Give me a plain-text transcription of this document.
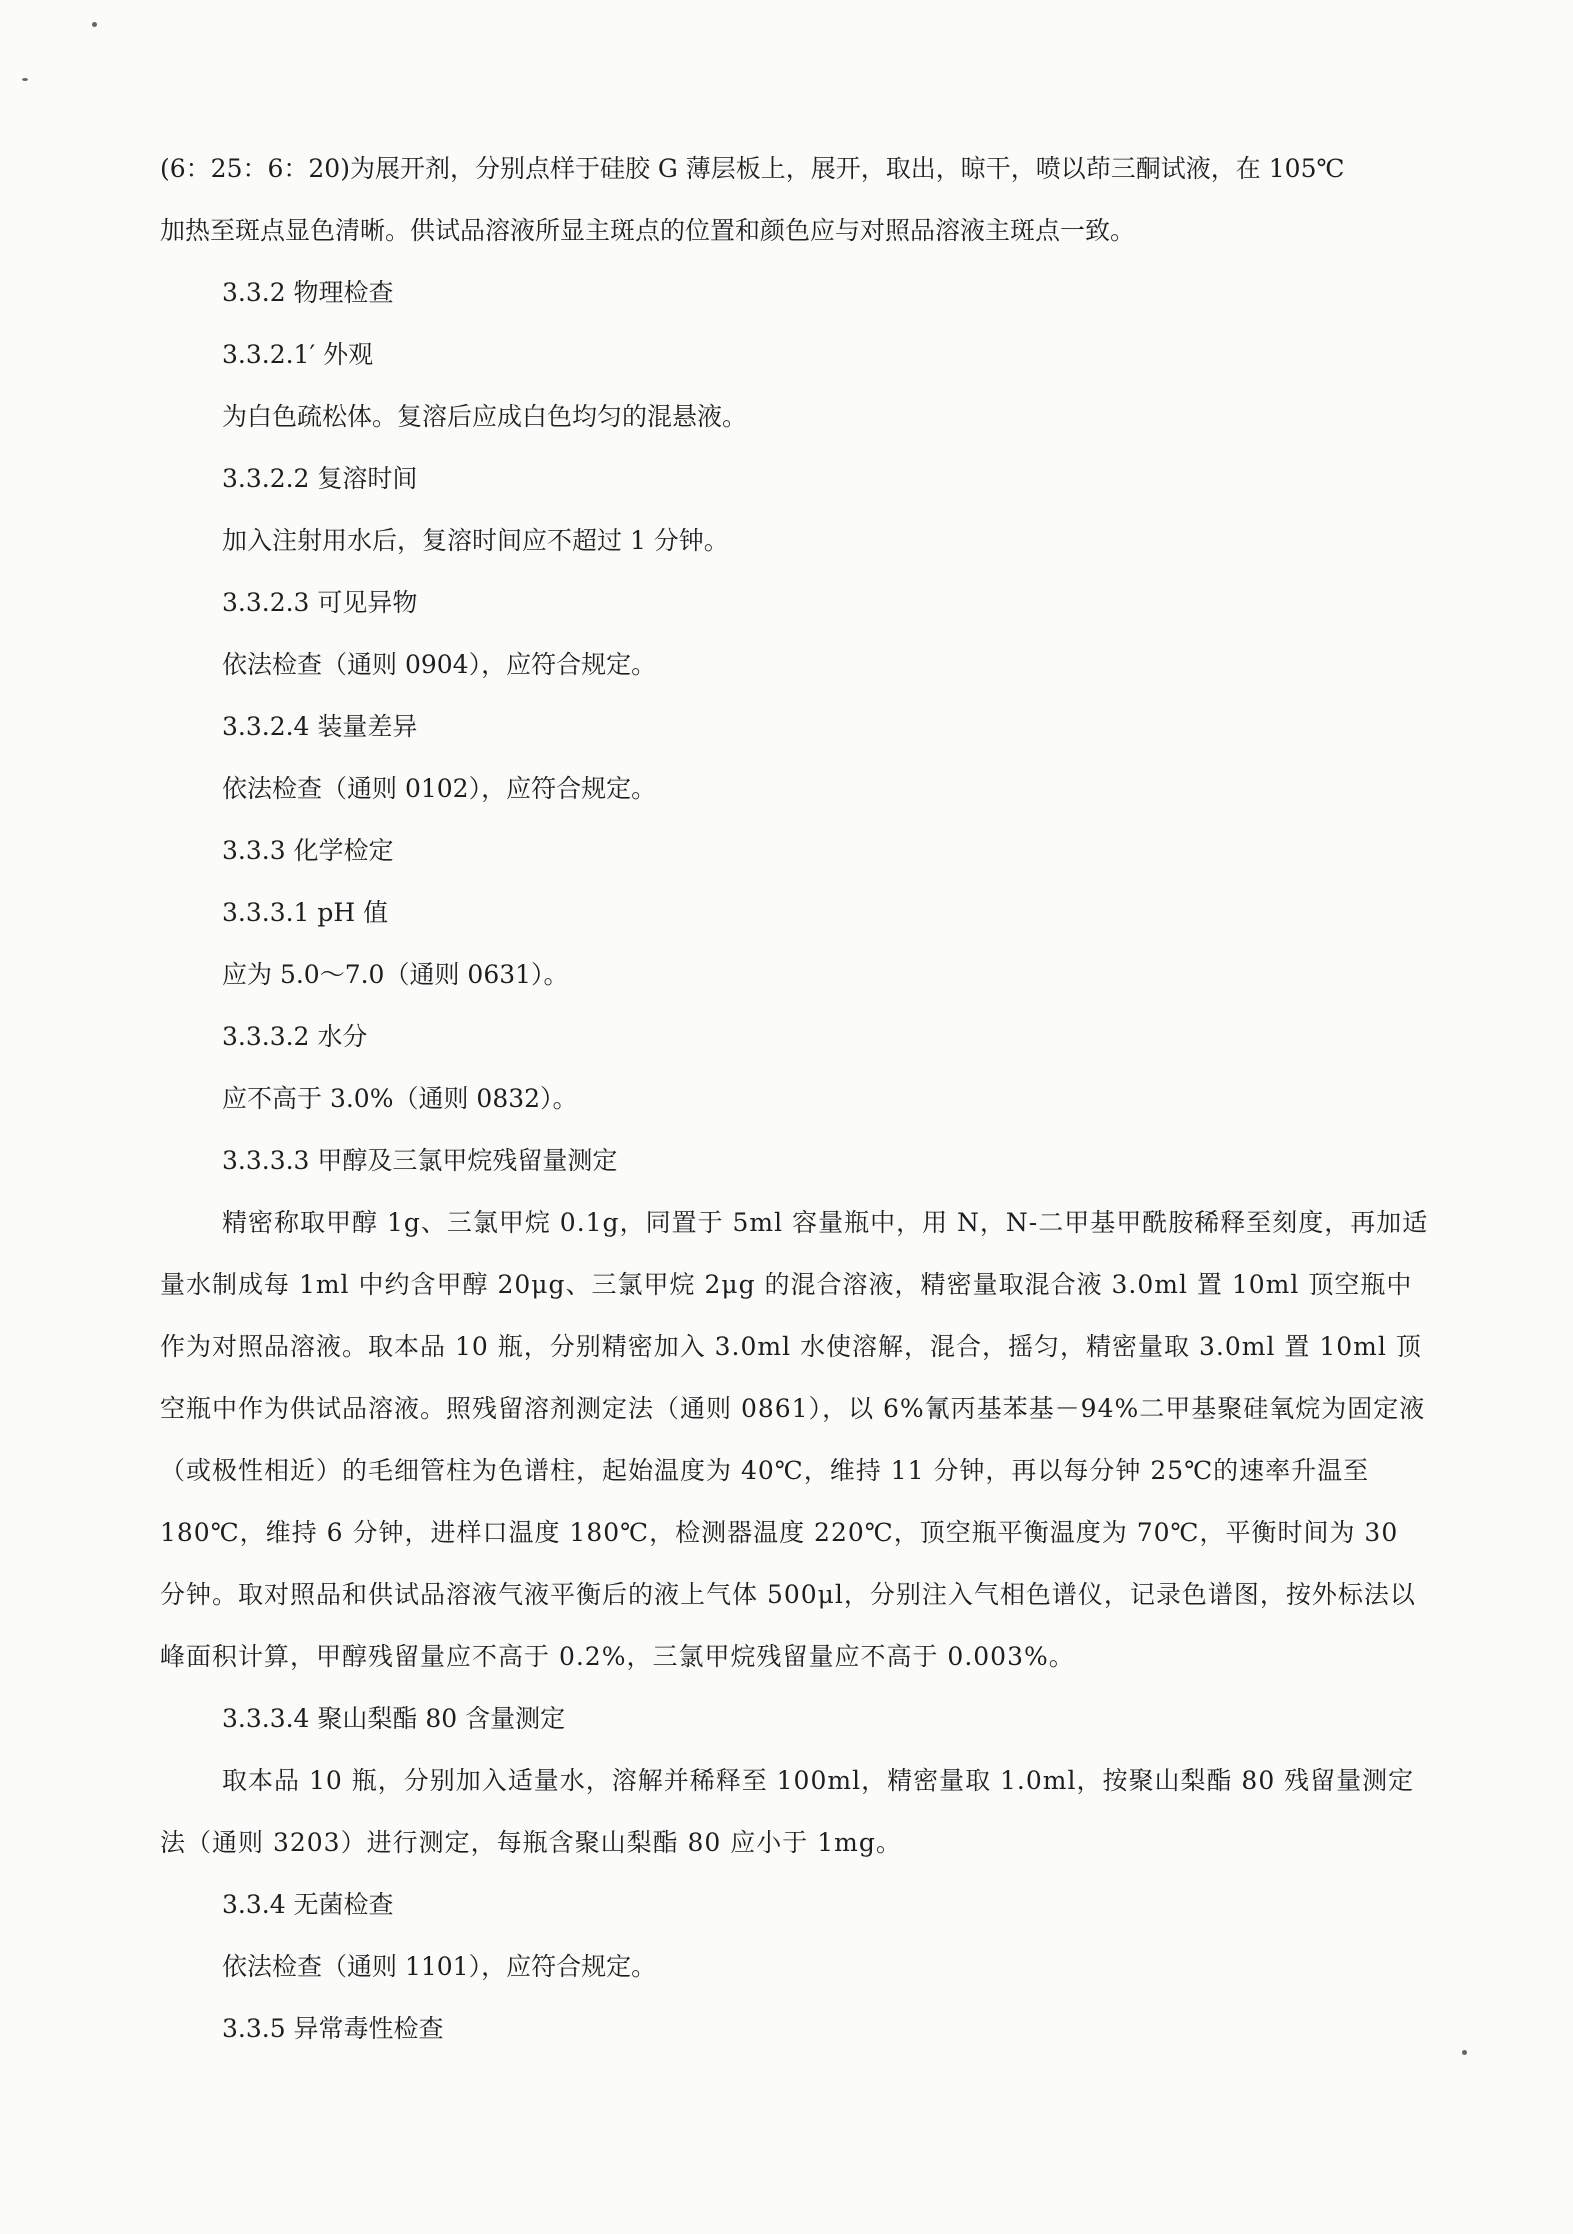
(6：25：6：20)为展开剂，分别点样于硅胶 G 薄层板上，展开，取出，晾干，喷以茚三酮试液，在 105℃

加热至斑点显色清晰。供试品溶液所显主斑点的位置和颜色应与对照品溶液主斑点一致。

3.3.2 物理检查

3.3.2.1′ 外观

为白色疏松体。复溶后应成白色均匀的混悬液。

3.3.2.2 复溶时间

加入注射用水后，复溶时间应不超过 1 分钟。

3.3.2.3 可见异物

依法检查（通则 0904），应符合规定。

3.3.2.4 装量差异

依法检查（通则 0102），应符合规定。

3.3.3 化学检定

3.3.3.1 pH 值

应为 5.0～7.0（通则 0631）。

3.3.3.2 水分

应不高于 3.0%（通则 0832）。

3.3.3.3 甲醇及三氯甲烷残留量测定

精密称取甲醇 1g、三氯甲烷 0.1g，同置于 5ml 容量瓶中，用 N，N-二甲基甲酰胺稀释至刻度，再加适量水制成每 1ml 中约含甲醇 20μg、三氯甲烷 2μg 的混合溶液，精密量取混合液 3.0ml 置 10ml 顶空瓶中作为对照品溶液。取本品 10 瓶，分别精密加入 3.0ml 水使溶解，混合，摇匀，精密量取 3.0ml 置 10ml 顶空瓶中作为供试品溶液。照残留溶剂测定法（通则 0861），以 6%氰丙基苯基－94%二甲基聚硅氧烷为固定液（或极性相近）的毛细管柱为色谱柱，起始温度为 40℃，维持 11 分钟，再以每分钟 25℃的速率升温至 180℃，维持 6 分钟，进样口温度 180℃，检测器温度 220℃，顶空瓶平衡温度为 70℃，平衡时间为 30 分钟。取对照品和供试品溶液气液平衡后的液上气体 500μl，分别注入气相色谱仪，记录色谱图，按外标法以峰面积计算，甲醇残留量应不高于 0.2%，三氯甲烷残留量应不高于 0.003%。

3.3.3.4 聚山梨酯 80 含量测定

取本品 10 瓶，分别加入适量水，溶解并稀释至 100ml，精密量取 1.0ml，按聚山梨酯 80 残留量测定法（通则 3203）进行测定，每瓶含聚山梨酯 80 应小于 1mg。

3.3.4 无菌检查

依法检查（通则 1101），应符合规定。

3.3.5 异常毒性检查
